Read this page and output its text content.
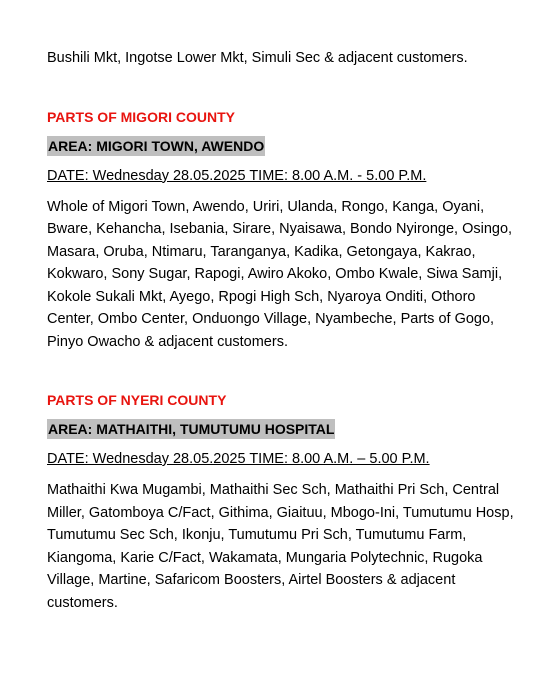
Bushili Mkt, Ingotse Lower Mkt, Simuli Sec & adjacent customers.

PARTS OF MIGORI COUNTY

AREA: MIGORI TOWN, AWENDO

DATE: Wednesday 28.05.2025 TIME: 8.00 A.M. - 5.00 P.M.

Whole of Migori Town, Awendo, Uriri, Ulanda, Rongo, Kanga, Oyani, Bware, Kehancha, Isebania, Sirare, Nyaisawa, Bondo Nyironge, Osingo, Masara, Oruba, Ntimaru, Taranganya, Kadika, Getongaya, Kakrao, Kokwaro, Sony Sugar, Rapogi, Awiro Akoko, Ombo Kwale, Siwa Samji, Kokole Sukali Mkt, Ayego, Rpogi High Sch, Nyaroya Onditi, Othoro Center, Ombo Center, Onduongo Village, Nyambeche, Parts of Gogo, Pinyo Owacho & adjacent customers.

PARTS OF NYERI COUNTY

AREA: MATHAITHI, TUMUTUMU HOSPITAL

DATE: Wednesday 28.05.2025 TIME: 8.00 A.M. – 5.00 P.M.

Mathaithi Kwa Mugambi, Mathaithi Sec Sch, Mathaithi Pri Sch, Central Miller, Gatomboya C/Fact, Githima, Giaituu, Mbogo-Ini, Tumutumu Hosp, Tumutumu Sec Sch, Ikonju, Tumutumu Pri Sch, Tumutumu Farm, Kiangoma, Karie C/Fact, Wakamata, Mungaria Polytechnic, Rugoka Village, Martine, Safaricom Boosters, Airtel Boosters & adjacent customers.
